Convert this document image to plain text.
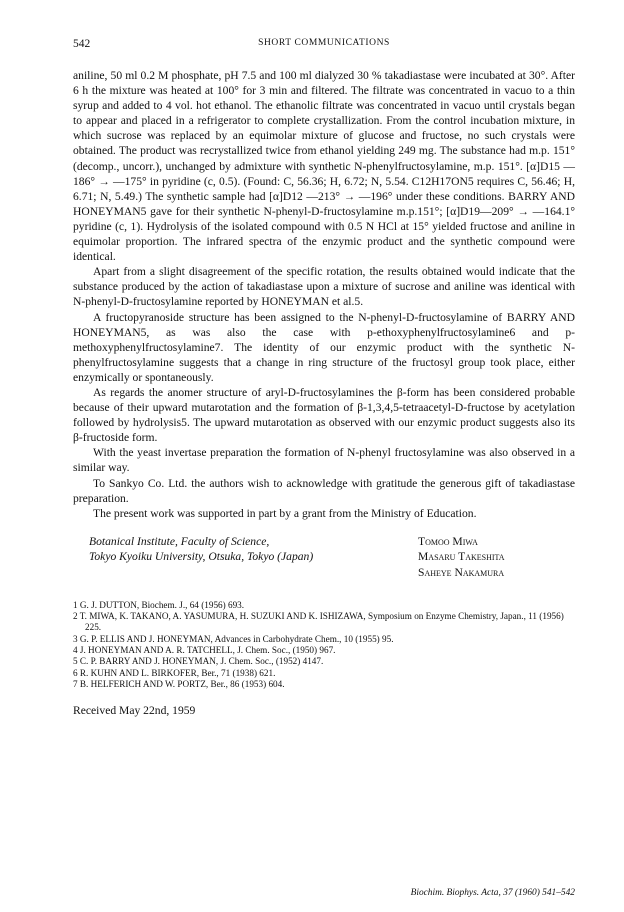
542	SHORT COMMUNICATIONS

aniline, 50 ml 0.2 M phosphate, pH 7.5 and 100 ml dialyzed 30 % takadiastase were incubated at 30°. After 6 h the mixture was heated at 100° for 3 min and filtered. The filtrate was concentrated in vacuo to a thin syrup and added to 4 vol. hot ethanol. The ethanolic filtrate was concentrated in vacuo until crystals began to appear and placed in a refrigerator to complete crystallization. From the control incubation mixture, in which sucrose was replaced by an equimolar mixture of glucose and fructose, no such crystals were obtained. The product was recrystallized twice from ethanol yielding 249 mg. The substance had m.p. 151° (decomp., uncorr.), unchanged by admixture with synthetic N-phenylfructosylamine, m.p. 151°. [α]D15 —186° → —175° in pyridine (c, 0.5). (Found: C, 56.36; H, 6.72; N, 5.54. C12H17ON5 requires C, 56.46; H, 6.71; N, 5.49.) The synthetic sample had [α]D12 —213° → —196° under these conditions. BARRY AND HONEYMAN5 gave for their synthetic N-phenyl-D-fructosylamine m.p.151°; [α]D19—209° → —164.1° pyridine (c, 1). Hydrolysis of the isolated compound with 0.5 N HCl at 15° yielded fructose and aniline in equimolar proportion. The infrared spectra of the enzymic product and the synthetic compound were identical.

Apart from a slight disagreement of the specific rotation, the results obtained would indicate that the substance produced by the action of takadiastase upon a mixture of sucrose and aniline was identical with N-phenyl-D-fructosylamine reported by HONEYMAN et al.5.

A fructopyranoside structure has been assigned to the N-phenyl-D-fructosylamine of BARRY AND HONEYMAN5, as was also the case with p-ethoxyphenylfructosylamine6 and p-methoxyphenylfructosylamine7. The identity of our enzymic product with the synthetic N-phenylfructosylamine suggests that a change in ring structure of the fructosyl group took place, either enzymically or spontaneously.

As regards the anomer structure of aryl-D-fructosylamines the β-form has been considered probable because of their upward mutarotation and the formation of β-1,3,4,5-tetraacetyl-D-fructose by acetylation followed by hydrolysis5. The upward mutarotation as observed with our enzymic product suggests also its β-fructoside form.

With the yeast invertase preparation the formation of N-phenyl fructosylamine was also observed in a similar way.

To Sankyo Co. Ltd. the authors wish to acknowledge with gratitude the generous gift of takadiastase preparation.

The present work was supported in part by a grant from the Ministry of Education.

Botanical Institute, Faculty of Science,
Tokyo Kyoiku University, Otsuka, Tokyo (Japan)
Tomoo Miwa
Masaru Takeshita
Saheye Nakamura
1 G. J. DUTTON, Biochem. J., 64 (1956) 693.
2 T. MIWA, K. TAKANO, A. YASUMURA, H. SUZUKI AND K. ISHIZAWA, Symposium on Enzyme Chemistry, Japan., 11 (1956) 225.
3 G. P. ELLIS AND J. HONEYMAN, Advances in Carbohydrate Chem., 10 (1955) 95.
4 J. HONEYMAN AND A. R. TATCHELL, J. Chem. Soc., (1950) 967.
5 C. P. BARRY AND J. HONEYMAN, J. Chem. Soc., (1952) 4147.
6 R. KUHN AND L. BIRKOFER, Ber., 71 (1938) 621.
7 B. HELFERICH AND W. PORTZ, Ber., 86 (1953) 604.
Received May 22nd, 1959
Biochim. Biophys. Acta, 37 (1960) 541–542
